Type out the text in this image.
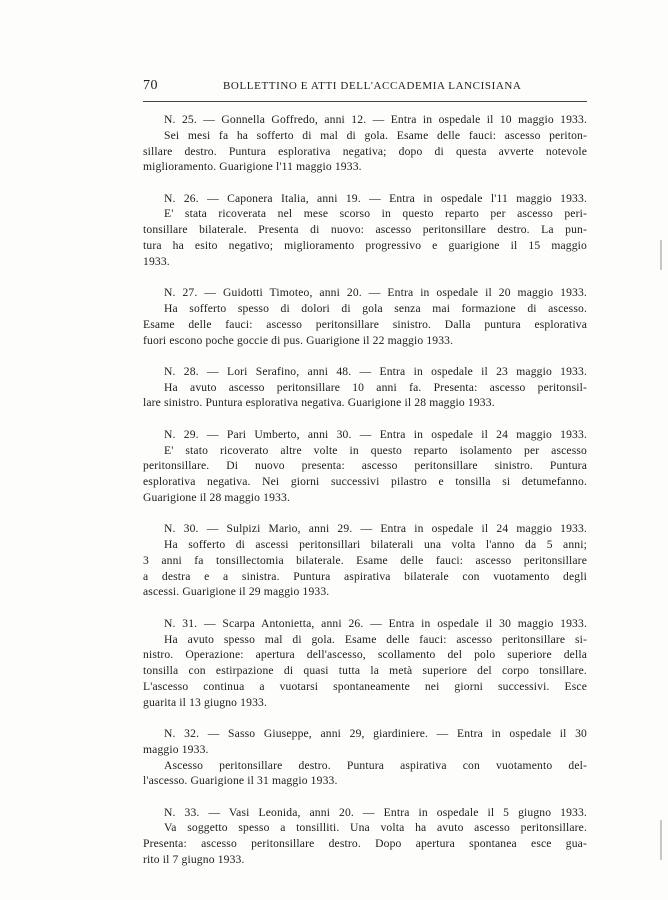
70	BOLLETTINO E ATTI DELL'ACCADEMIA LANCISIANA
N. 25. — Gonnella Goffredo, anni 12. — Entra in ospedale il 10 maggio 1933.
Sei mesi fa ha sofferto di mal di gola. Esame delle fauci: ascesso periton-
sillare destro. Puntura esplorativa negativa; dopo di questa avverte notevole
miglioramento. Guarigione l'11 maggio 1933.
N. 26. — Caponera Italia, anni 19. — Entra in ospedale l'11 maggio 1933.
E' stata ricoverata nel mese scorso in questo reparto per ascesso peri-
tonsillare bilaterale. Presenta di nuovo: ascesso peritonsillare destro. La pun-
tura ha esito negativo; miglioramento progressivo e guarigione il 15 maggio
1933.
N. 27. — Guidotti Timoteo, anni 20. — Entra in ospedale il 20 maggio 1933.
Ha sofferto spesso di dolori di gola senza mai formazione di ascesso.
Esame delle fauci: ascesso peritonsillare sinistro. Dalla puntura esplorativa
fuori escono poche goccie di pus. Guarigione il 22 maggio 1933.
N. 28. — Lori Serafino, anni 48. — Entra in ospedale il 23 maggio 1933.
Ha avuto ascesso peritonsillare 10 anni fa. Presenta: ascesso peritonsil-
lare sinistro. Puntura esplorativa negativa. Guarigione il 28 maggio 1933.
N. 29. — Pari Umberto, anni 30. — Entra in ospedale il 24 maggio 1933.
E' stato ricoverato altre volte in questo reparto isolamento per ascesso
peritonsillare. Di nuovo presenta: ascesso peritonsillare sinistro. Puntura
esplorativa negativa. Nei giorni successivi pilastro e tonsilla si detumefanno.
Guarigione il 28 maggio 1933.
N. 30. — Sulpizi Mario, anni 29. — Entra in ospedale il 24 maggio 1933.
Ha sofferto di ascessi peritonsillari bilaterali una volta l'anno da 5 anni;
3 anni fa tonsillectomia bilaterale. Esame delle fauci: ascesso peritonsillare
a destra e a sinistra. Puntura aspirativa bilaterale con vuotamento degli
ascessi. Guarigione il 29 maggio 1933.
N. 31. — Scarpa Antonietta, anni 26. — Entra in ospedale il 30 maggio 1933.
Ha avuto spesso mal di gola. Esame delle fauci: ascesso peritonsillare si-
nistro. Operazione: apertura dell'ascesso, scollamento del polo superiore della
tonsilla con estirpazione di quasi tutta la metà superiore del corpo tonsillare.
L'ascesso continua a vuotarsi spontaneamente nei giorni successivi. Esce
guarita il 13 giugno 1933.
N. 32. — Sasso Giuseppe, anni 29, giardiniere. — Entra in ospedale il 30
maggio 1933.
Ascesso peritonsillare destro. Puntura aspirativa con vuotamento del-
l'ascesso. Guarigione il 31 maggio 1933.
N. 33. — Vasi Leonida, anni 20. — Entra in ospedale il 5 giugno 1933.
Va soggetto spesso a tonsilliti. Una volta ha avuto ascesso peritonsillare.
Presenta: ascesso peritonsillare destro. Dopo apertura spontanea esce gua-
rito il 7 giugno 1933.
